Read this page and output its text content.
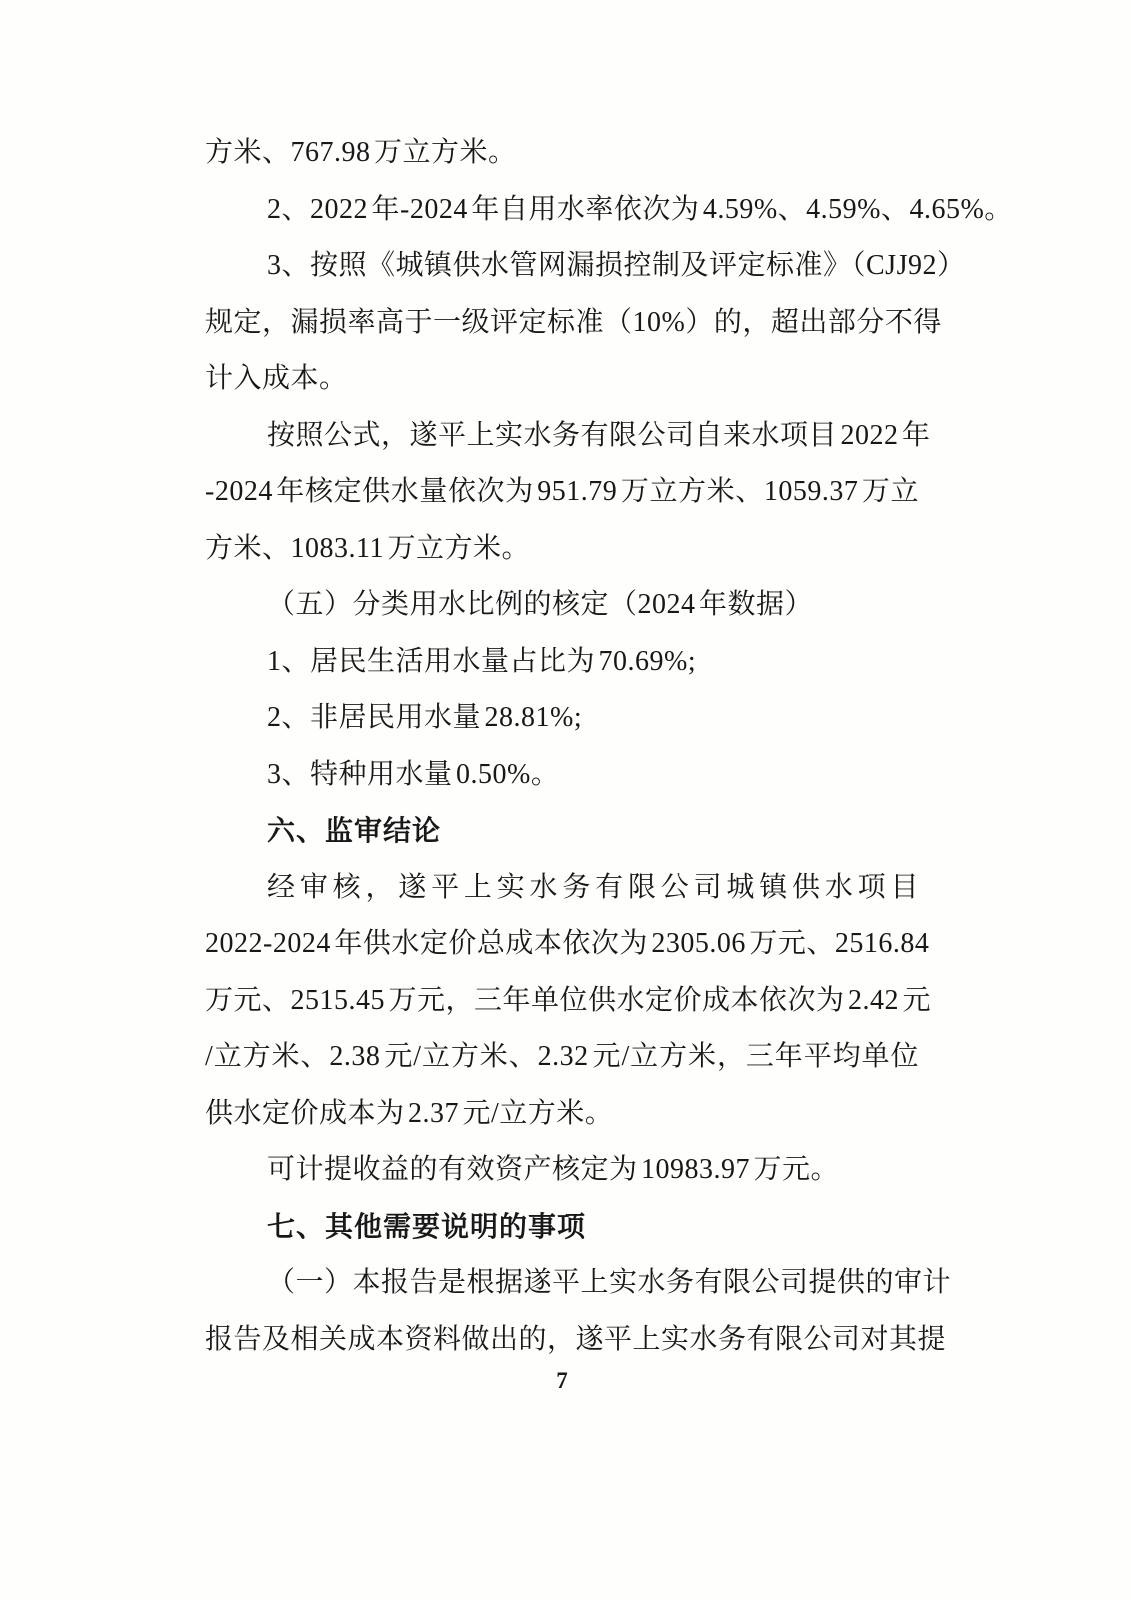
方米、767.98 万立方米。
2、2022 年-2024 年自用水率依次为 4.59%、4.59%、4.65%。
3、按照《城镇供水管网漏损控制及评定标准》（CJJ92）
规定，漏损率高于一级评定标准（10%）的，超出部分不得
计入成本。
按照公式，遂平上实水务有限公司自来水项目 2022 年
-2024 年核定供水量依次为 951.79 万立方米、1059.37 万立
方米、1083.11 万立方米。
（五）分类用水比例的核定（2024 年数据）
1、居民生活用水量占比为 70.69%;
2、非居民用水量 28.81%;
3、特种用水量 0.50%。
六、监审结论
经审核，遂平上实水务有限公司城镇供水项目
2022-2024 年供水定价总成本依次为 2305.06 万元、2516.84
万元、2515.45 万元，三年单位供水定价成本依次为 2.42 元
/立方米、2.38 元/立方米、2.32 元/立方米，三年平均单位
供水定价成本为 2.37 元/立方米。
可计提收益的有效资产核定为 10983.97 万元。
七、其他需要说明的事项
（一）本报告是根据遂平上实水务有限公司提供的审计
报告及相关成本资料做出的，遂平上实水务有限公司对其提
7
